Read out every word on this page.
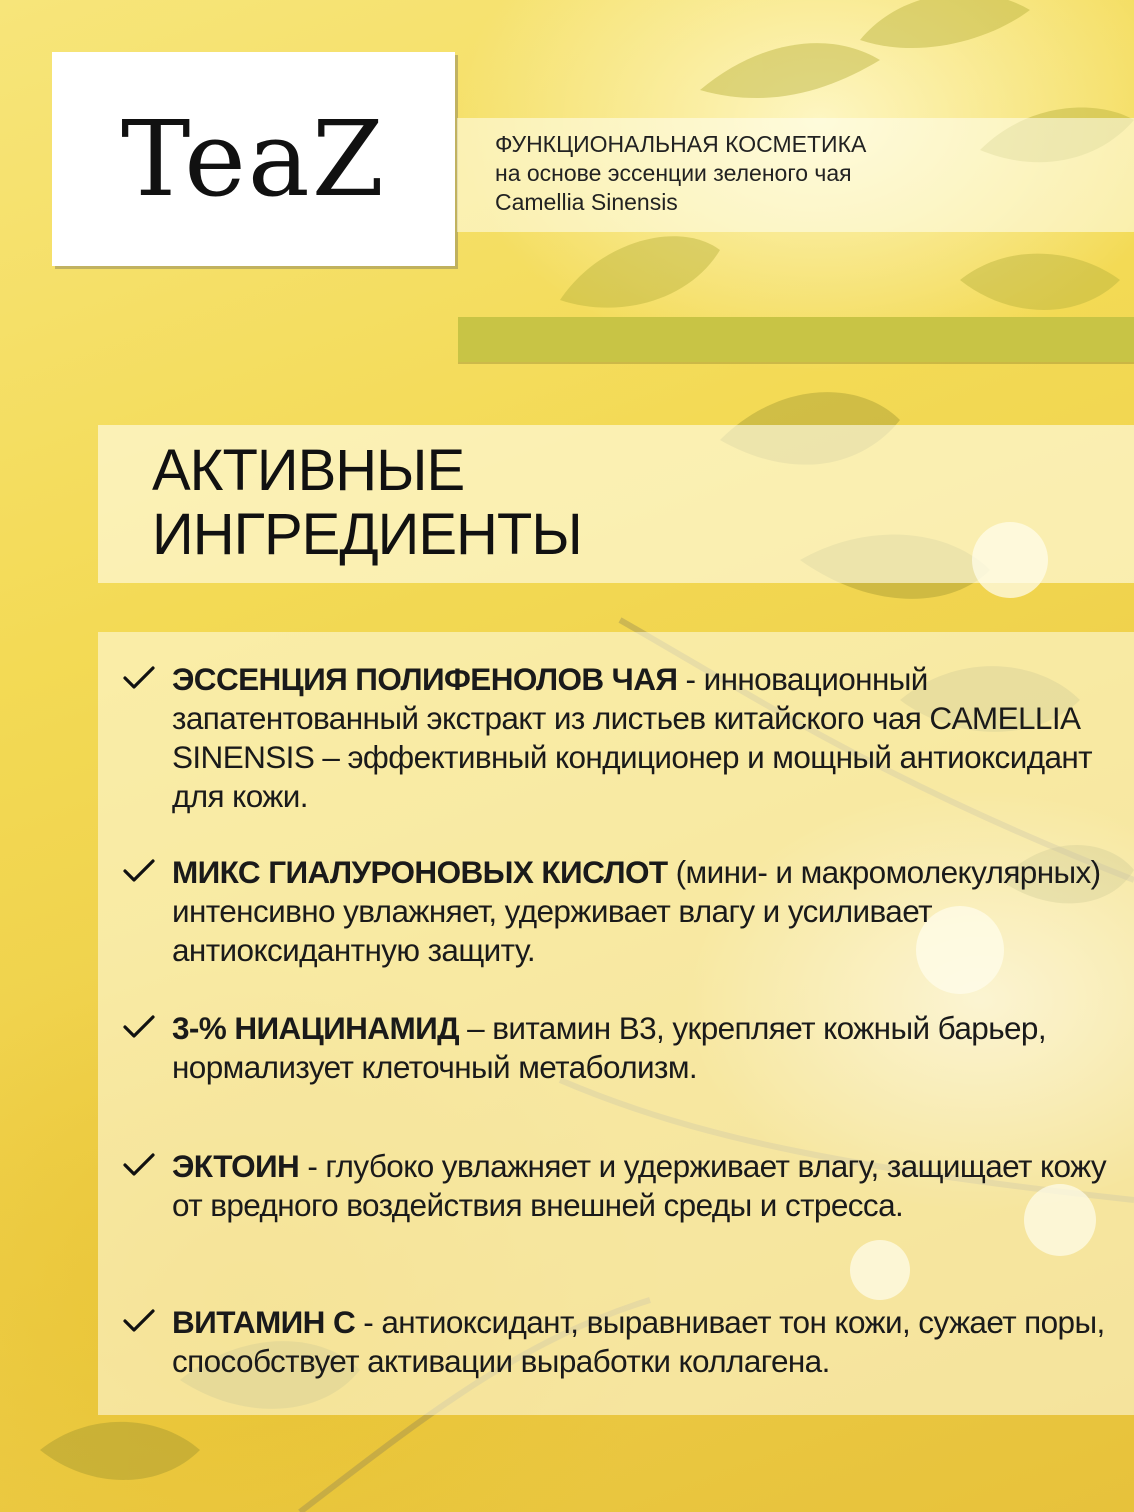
TeaZ	ФУНКЦИОНАЛЬНАЯ КОСМЕТИКА
на основе эссенции зеленого чая
Camellia Sinensis
АКТИВНЫЕ
ИНГРЕДИЕНТЫ

ЭССЕНЦИЯ ПОЛИФЕНОЛОВ ЧАЯ - инновационный запатентованный экстракт из листьев китайского чая CAMELLIA SINENSIS – эффективный кондиционер и мощный антиоксидант для кожи.

МИКС ГИАЛУРОНОВЫХ КИСЛОТ (мини- и макромолекулярных) интенсивно увлажняет, удерживает влагу и усиливает антиоксидантную защиту.

3-% НИАЦИНАМИД – витамин В3, укрепляет кожный барьер, нормализует клеточный метаболизм.

ЭКТОИН - глубоко увлажняет и удерживает влагу, защищает кожу от вредного воздействия внешней среды и стресса.

ВИТАМИН С - антиоксидант, выравнивает тон кожи, сужает поры, способствует активации выработки коллагена.
